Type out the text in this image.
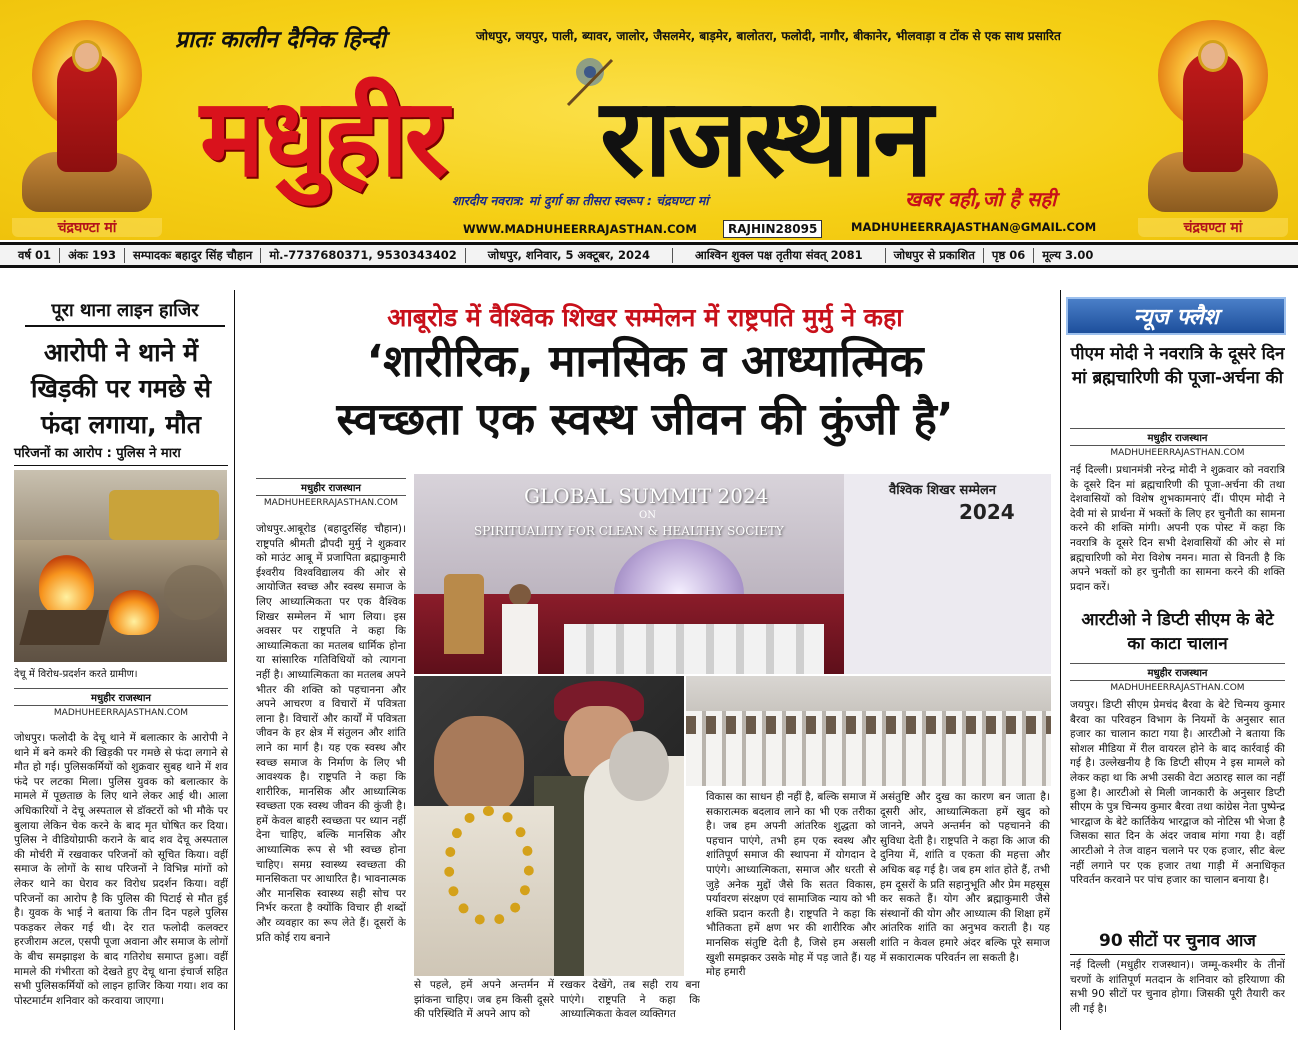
चंद्रघण्टा मां	चंद्रघण्टा मां
प्रातः कालीन दैनिक हिन्दी	जोधपुर, जयपुर, पाली, ब्यावर, जालोर, जैसलमेर, बाड़मेर, बालोतरा, फलोदी, नागौर, बीकानेर, भीलवाड़ा व टोंक से एक साथ प्रसारित
मधुहीर राजस्थान
शारदीय नवरात्र: मां दुर्गा का तीसरा स्वरूप : चंद्रघण्टा मां	खबर वही,जो है सही
WWW.MADHUHEERRAJASTHAN.COM	RAJHIN28095	MADHUHEERRAJASTHAN@GMAIL.COM
वर्ष 01	अंकः 193	सम्पादकः बहादुर सिंह चौहान	मो.-7737680371, 9530343402	जोधपुर, शनिवार, 5 अक्टूबर, 2024	आश्विन शुक्ल पक्ष तृतीया संवत् 2081	जोधपुर से प्रकाशित	पृष्ठ 06	मूल्य 3.00
पूरा थाना लाइन हाजिर
आरोपी ने थाने में खिड़की पर गमछे से फंदा लगाया, मौत
परिजनों का आरोप : पुलिस ने मारा
देचू में विरोध-प्रदर्शन करते ग्रामीण।
मधुहीर राजस्थान
MADHUHEERRAJASTHAN.COM
जोधपुर। फलोदी के देचू थाने में बलात्कार के आरोपी ने थाने में बने कमरे की खिड़की पर गमछे से फंदा लगाने से मौत हो गई। पुलिसकर्मियों को शुक्रवार सुबह थाने में शव फंदे पर लटका मिला। पुलिस युवक को बलात्कार के मामले में पूछताछ के लिए थाने लेकर आई थी। आला अधिकारियों ने देचू अस्पताल से डॉक्टरों को भी मौके पर बुलाया लेकिन चेक करने के बाद मृत घोषित कर दिया। पुलिस ने वीडियोग्राफी कराने के बाद शव देचू अस्पताल की मोर्चरी में रखवाकर परिजनों को सूचित किया। वहीं समाज के लोगों के साथ परिजनों ने विभिन्न मांगों को लेकर थाने का घेराव कर विरोध प्रदर्शन किया। वहीं परिजनों का आरोप है कि पुलिस की पिटाई से मौत हुई है। युवक के भाई ने बताया कि तीन दिन पहले पुलिस पकड़कर लेकर गई थी। देर रात फलोदी कलक्टर हरजीराम अटल, एसपी पूजा अवाना और समाज के लोगों के बीच समझाइश के बाद गतिरोध समाप्त हुआ। वहीं मामले की गंभीरता को देखते हुए देचू थाना इंचार्ज सहित सभी पुलिसकर्मियों को लाइन हाजिर किया गया। शव का पोस्टमार्टम शनिवार को करवाया जाएगा।
आबूरोड में वैश्विक शिखर सम्मेलन में राष्ट्रपति मुर्मु ने कहा
‘शारीरिक, मानसिक व आध्यात्मिक
स्वच्छता एक स्वस्थ जीवन की कुंजी है’
मधुहीर राजस्थान
MADHUHEERRAJASTHAN.COM
जोधपुर.आबूरोड (बहादुरसिंह चौहान)। राष्ट्रपति श्रीमती द्रौपदी मुर्मु ने शुक्रवार को माउंट आबू में प्रजापिता ब्रह्माकुमारी ईश्वरीय विश्वविद्यालय की ओर से आयोजित स्वच्छ और स्वस्थ समाज के लिए आध्यात्मिकता पर एक वैश्विक शिखर सम्मेलन में भाग लिया। इस अवसर पर राष्ट्रपति ने कहा कि आध्यात्मिकता का मतलब धार्मिक होना या सांसारिक गतिविधियों को त्यागना नहीं है। आध्यात्मिकता का मतलब अपने भीतर की शक्ति को पहचानना और अपने आचरण व विचारों में पवित्रता लाना है। विचारों और कार्यों में पवित्रता जीवन के हर क्षेत्र में संतुलन और शांति लाने का मार्ग है। यह एक स्वस्थ और स्वच्छ समाज के निर्माण के लिए भी आवश्यक है। राष्ट्रपति ने कहा कि शारीरिक, मानसिक और आध्यात्मिक स्वच्छता एक स्वस्थ जीवन की कुंजी है। हमें केवल बाहरी स्वच्छता पर ध्यान नहीं देना चाहिए, बल्कि मानसिक और आध्यात्मिक रूप से भी स्वच्छ होना चाहिए। समग्र स्वास्थ्य स्वच्छता की मानसिकता पर आधारित है। भावनात्मक और मानसिक स्वास्थ्य सही सोच पर निर्भर करता है क्योंकि विचार ही शब्दों और व्यवहार का रूप लेते हैं। दूसरों के प्रति कोई राय बनाने
GLOBAL SUMMIT 2024
ON
SPIRITUALITY FOR CLEAN & HEALTHY SOCIETY
वैश्विक शिखर सम्मेलन
2024
से पहले, हमें अपने अन्तर्मन में झांकना चाहिए। जब हम किसी दूसरे की परिस्थिति में अपने आप को
रखकर देखेंगे, तब सही राय बना पाएंगे। राष्ट्रपति ने कहा कि आध्यात्मिकता केवल व्यक्तिगत
विकास का साधन ही नहीं है, बल्कि समाज में सकारात्मक बदलाव लाने का भी एक तरीका है। जब हम अपनी आंतरिक शुद्धता को पहचान पाएंगे, तभी हम एक स्वस्थ और शांतिपूर्ण समाज की स्थापना में योगदान दे पाएंगे। आध्यात्मिकता, समाज और धरती से जुड़े अनेक मुद्दों जैसे कि सतत विकास, पर्यावरण संरक्षण एवं सामाजिक न्याय को भी शक्ति प्रदान करती है। राष्ट्रपति ने कहा कि भौतिकता हमें क्षण भर की शारीरिक और मानसिक संतुष्टि देती है, जिसे हम असली खुशी समझकर उसके मोह में पड़ जाते हैं। यह मोह हमारी
असंतुष्टि और दुख का कारण बन जाता है। दूसरी ओर, आध्यात्मिकता हमें खुद को जानने, अपने अन्तर्मन को पहचानने की सुविधा देती है। राष्ट्रपति ने कहा कि आज की दुनिया में, शांति व एकता की महत्ता और अधिक बढ़ गई है। जब हम शांत होते हैं, तभी हम दूसरों के प्रति सहानुभूति और प्रेम महसूस कर सकते हैं। योग और ब्रह्माकुमारी जैसे संस्थानों की योग और आध्यात्म की शिक्षा हमें आंतरिक शांति का अनुभव कराती है। यह शांति न केवल हमारे अंदर बल्कि पूरे समाज में सकारात्मक परिवर्तन ला सकती है।
न्यूज फ्लैश
पीएम मोदी ने नवरात्रि के दूसरे दिन मां ब्रह्मचारिणी की पूजा-अर्चना की
मधुहीर राजस्थान
MADHUHEERRAJASTHAN.COM
नई दिल्ली। प्रधानमंत्री नरेन्द्र मोदी ने शुक्रवार को नवरात्रि के दूसरे दिन मां ब्रह्मचारिणी की पूजा-अर्चना की तथा देशवासियों को विशेष शुभकामनाएं दीं। पीएम मोदी ने देवी मां से प्रार्थना में भक्तों के लिए हर चुनौती का सामना करने की शक्ति मांगी। अपनी एक पोस्ट में कहा कि नवरात्रि के दूसरे दिन सभी देशवासियों की ओर से मां ब्रह्मचारिणी को मेरा विशेष नमन। माता से विनती है कि अपने भक्तों को हर चुनौती का सामना करने की शक्ति प्रदान करें।
आरटीओ ने डिप्टी सीएम के बेटे का काटा चालान
मधुहीर राजस्थान
MADHUHEERRAJASTHAN.COM
जयपुर। डिप्टी सीएम प्रेमचंद बैरवा के बेटे चिन्मय कुमार बैरवा का परिवहन विभाग के नियमों के अनुसार सात हजार का चालान काटा गया है। आरटीओ ने बताया कि सोशल मीडिया में रील वायरल होने के बाद कार्रवाई की गई है। उल्लेखनीय है कि डिप्टी सीएम ने इस मामले को लेकर कहा था कि अभी उसकी वेटा अठारह साल का नहीं हुआ है। आरटीओ से मिली जानकारी के अनुसार डिप्टी सीएम के पुत्र चिन्मय कुमार बैरवा तथा कांग्रेस नेता पुष्पेन्द्र भारद्वाज के बेटे कार्तिकेय भारद्वाज को नोटिस भी भेजा है जिसका सात दिन के अंदर जवाब मांगा गया है। वहीं आरटीओ ने तेज वाहन चलाने पर एक हजार, सीट बेल्ट नहीं लगाने पर एक हजार तथा गाड़ी में अनाधिकृत परिवर्तन करवाने पर पांच हजार का चालान बनाया है।
90 सीटों पर चुनाव आज
नई दिल्ली (मधुहीर राजस्थान)। जम्मू-कश्मीर के तीनों चरणों के शांतिपूर्ण मतदान के शनिवार को हरियाणा की सभी 90 सीटों पर चुनाव होगा। जिसकी पूरी तैयारी कर ली गई है।
